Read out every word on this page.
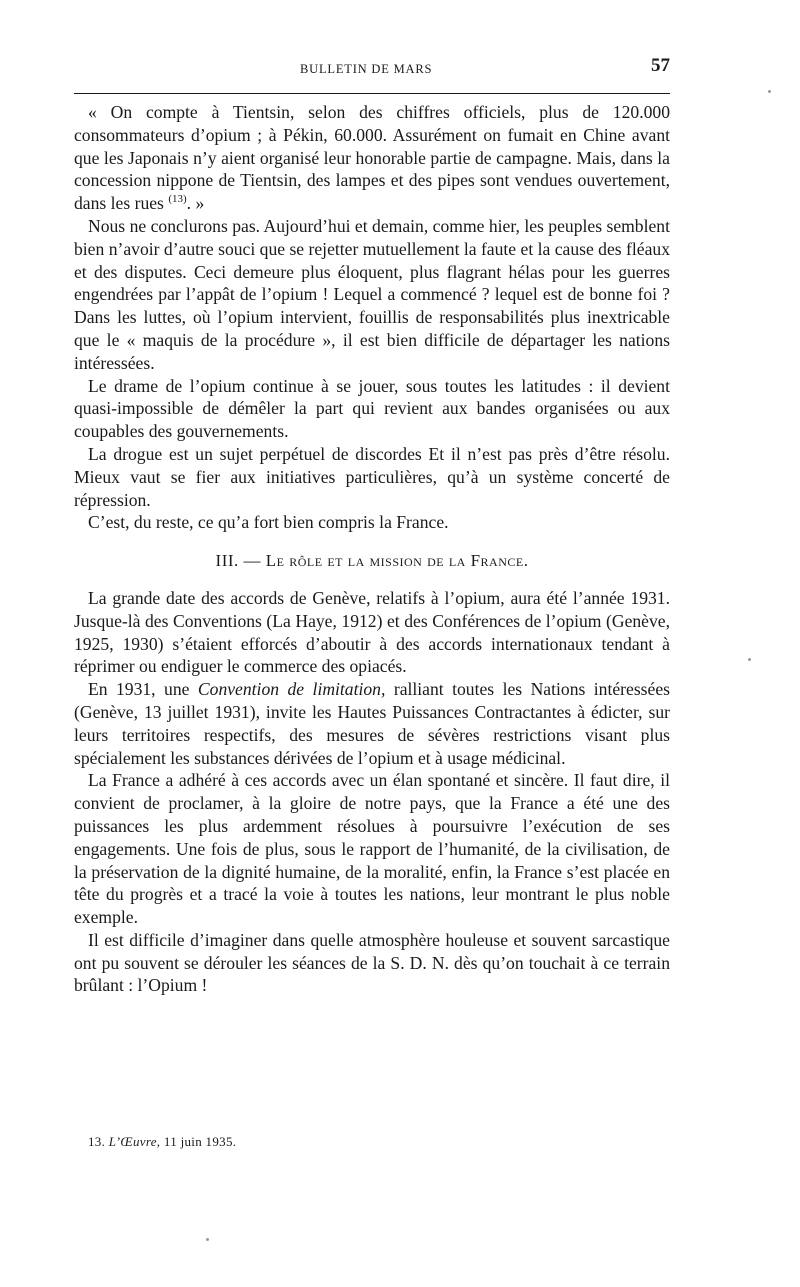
BULLETIN DE MARS	57

« On compte à Tientsin, selon des chiffres officiels, plus de 120.000 consommateurs d’opium ; à Pékin, 60.000. Assurément on fumait en Chine avant que les Japonais n’y aient organisé leur honorable partie de campagne. Mais, dans la concession nippone de Tientsin, des lampes et des pipes sont vendues ouvertement, dans les rues $^{(13)}$. »

Nous ne conclurons pas. Aujourd’hui et demain, comme hier, les peuples semblent bien n’avoir d’autre souci que se rejetter mutuellement la faute et la cause des fléaux et des disputes. Ceci demeure plus éloquent, plus flagrant hélas pour les guerres engendrées par l’appât de l’opium ! Lequel a commencé ? lequel est de bonne foi ? Dans les luttes, où l’opium intervient, fouillis de responsabilités plus inextricable que le « maquis de la procédure », il est bien difficile de départager les nations intéressées.

Le drame de l’opium continue à se jouer, sous toutes les latitudes : il devient quasi-impossible de démêler la part qui revient aux bandes organisées ou aux coupables des gouvernements.

La drogue est un sujet perpétuel de discordes Et il n’est pas près d’être résolu. Mieux vaut se fier aux initiatives particulières, qu’à un système concerté de répression.

C’est, du reste, ce qu’a fort bien compris la France.

III. — Le rôle et la mission de la France.

La grande date des accords de Genève, relatifs à l’opium, aura été l’année 1931. Jusque-là des Conventions (La Haye, 1912) et des Conférences de l’opium (Genève, 1925, 1930) s’étaient efforcés d’aboutir à des accords internationaux tendant à réprimer ou endiguer le commerce des opiacés.

En 1931, une Convention de limitation, ralliant toutes les Nations intéressées (Genève, 13 juillet 1931), invite les Hautes Puissances Contractantes à édicter, sur leurs territoires respectifs, des mesures de sévères restrictions visant plus spécialement les substances dérivées de l’opium et à usage médicinal.

La France a adhéré à ces accords avec un élan spontané et sincère. Il faut dire, il convient de proclamer, à la gloire de notre pays, que la France a été une des puissances les plus ardemment résolues à poursuivre l’exécution de ses engagements. Une fois de plus, sous le rapport de l’humanité, de la civilisation, de la préservation de la dignité humaine, de la moralité, enfin, la France s’est placée en tête du progrès et a tracé la voie à toutes les nations, leur montrant le plus noble exemple.

Il est difficile d’imaginer dans quelle atmosphère houleuse et souvent sarcastique ont pu souvent se dérouler les séances de la S. D. N. dès qu’on touchait à ce terrain brûlant : l’Opium !

13. L’Œuvre, 11 juin 1935.
